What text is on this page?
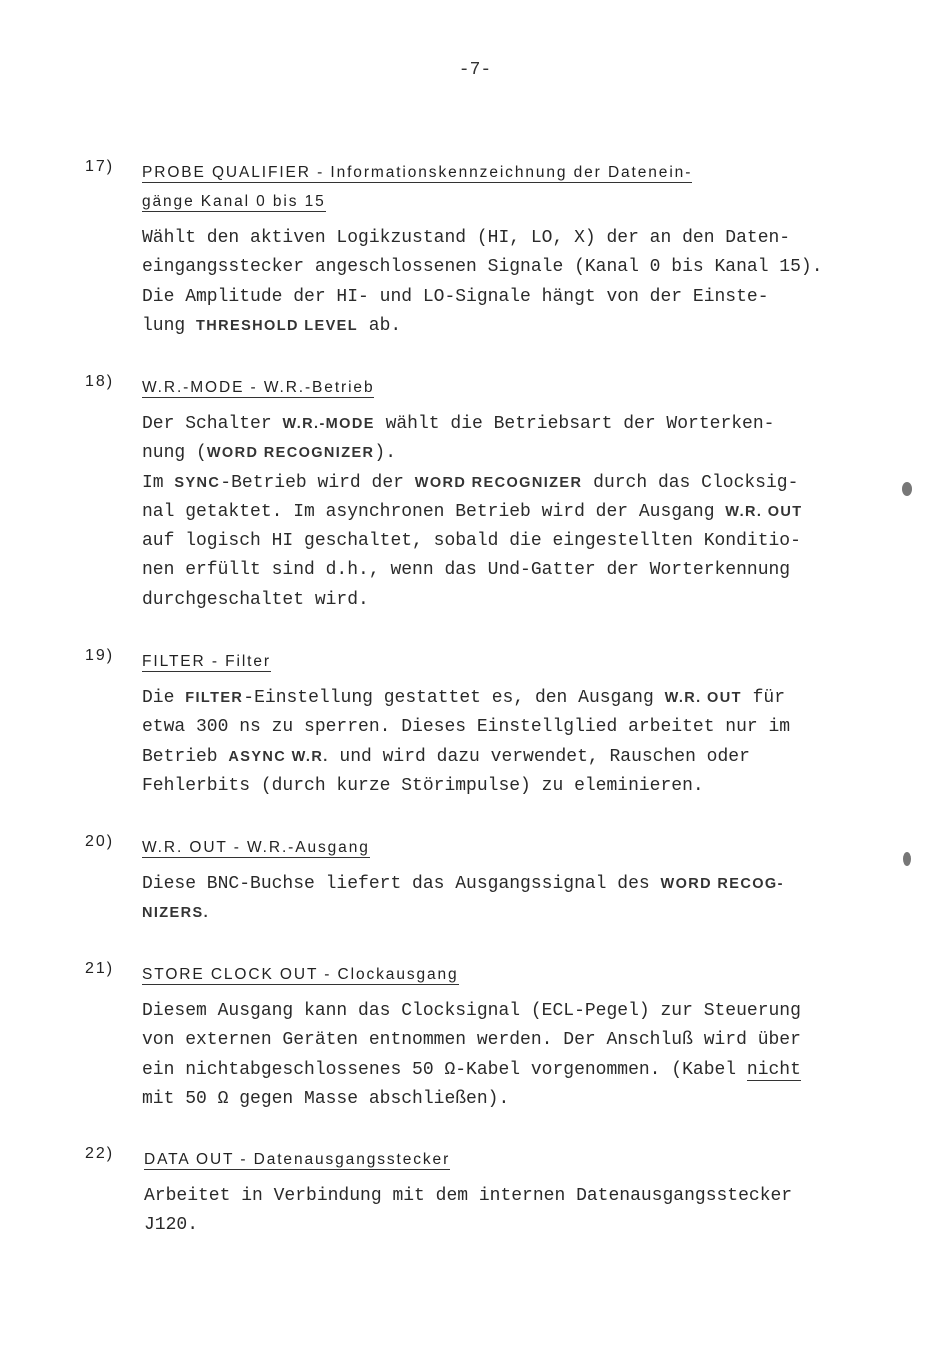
-7-
17) PROBE QUALIFIER - Informationskennzeichnung der Datenein-
gänge Kanal 0 bis 15
Wählt den aktiven Logikzustand (HI, LO, X) der an den Daten-
eingangsstecker angeschlossenen Signale (Kanal 0 bis Kanal 15).
Die Amplitude der HI- und LO-Signale hängt von der Einste-
lung THRESHOLD LEVEL ab.
18) W.R.-MODE - W.R.-Betrieb
Der Schalter W.R.-MODE wählt die Betriebsart der Worterken-
nung (WORD RECOGNIZER).
Im SYNC-Betrieb wird der WORD RECOGNIZER durch das Clocksig-
nal getaktet. Im asynchronen Betrieb wird der Ausgang W.R. OUT
auf logisch HI geschaltet, sobald die eingestellten Konditio-
nen erfüllt sind d.h., wenn das Und-Gatter der Worterkennung
durchgeschaltet wird.
19) FILTER - Filter
Die FILTER-Einstellung gestattet es, den Ausgang W.R. OUT für
etwa 300 ns zu sperren. Dieses Einstellglied arbeitet nur im
Betrieb ASYNC W.R. und wird dazu verwendet, Rauschen oder
Fehlerbits (durch kurze Störimpulse) zu eleminieren.
20) W.R. OUT - W.R.-Ausgang
Diese BNC-Buchse liefert das Ausgangssignal des WORD RECOG-
NIZERS.
21) STORE CLOCK OUT - Clockausgang
Diesem Ausgang kann das Clocksignal (ECL-Pegel) zur Steuerung
von externen Geräten entnommen werden. Der Anschluß wird über
ein nichtabgeschlossenes 50 Ω-Kabel vorgenommen. (Kabel nicht
mit 50 Ω gegen Masse abschließen).
22) DATA OUT - Datenausgangsstecker
Arbeitet in Verbindung mit dem internen Datenausgangsstecker
J120.
